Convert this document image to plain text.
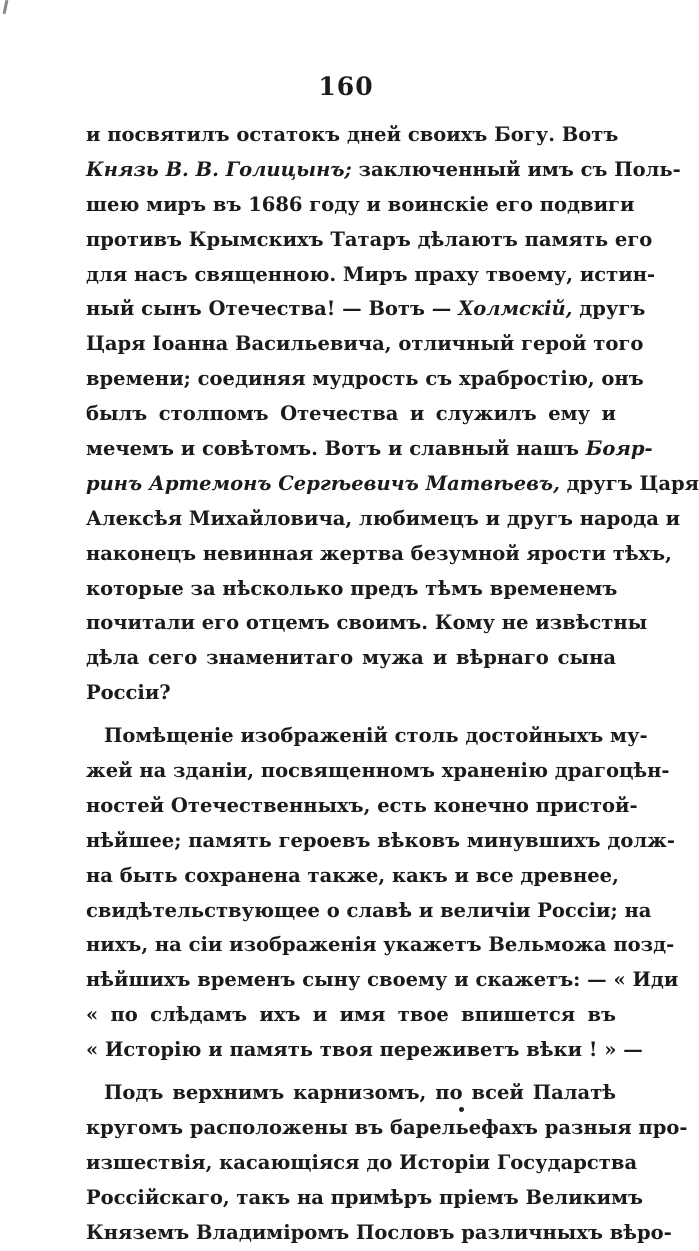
160
и посвятилъ остатокъ дней своихъ Богу. Вотъ
Князь В. В. Голицынъ; заключенный имъ съ Поль-
шею миръ въ 1686 году и воинскіе его подвиги
противъ Крымскихъ Татаръ дѣлаютъ память его
для насъ священною. Миръ праху твоему, истин-
ный сынъ Отечества! — Вотъ — Холмскій, другъ
Царя Іоанна Васильевича, отличный герой того
времени; соединяя мудрость съ храбростію, онъ
былъ столпомъ Отечества и служилъ ему и
мечемъ и совѣтомъ. Вотъ и славный нашъ Бояр-
ринъ Артемонъ Сергѣевичъ Матвѣевъ, другъ Царя
Алексѣя Михайловича, любимецъ и другъ народа и
наконецъ невинная жертва безумной ярости тѣхъ,
которые за нѣсколько предъ тѣмъ временемъ
почитали его отцемъ своимъ. Кому не извѣстны
дѣла сего знаменитаго мужа и вѣрнаго сына
Россіи?
Помѣщеніе изображеній столь достойныхъ му-
жей на зданіи, посвященномъ храненію драгоцѣн-
ностей Отечественныхъ, есть конечно пристой-
нѣйшее; память героевъ вѣковъ минувшихъ долж-
на быть сохранена также, какъ и все древнее,
свидѣтельствующее о славѣ и величіи Россіи; на
нихъ, на сіи изображенія укажетъ Вельможа позд-
нѣйшихъ временъ сыну своему и скажетъ: — « Иди
« по слѣдамъ ихъ и имя твое впишется въ
« Исторію и память твоя переживетъ вѣки ! » —
Подъ верхнимъ карнизомъ, по всей Палатѣ
кругомъ расположены въ барельефахъ разныя про-
изшествія, касающіяся до Исторіи Государства
Россійскаго, такъ на примѣръ пріемъ Великимъ
Княземъ Владиміромъ Пословъ различныхъ вѣро-
